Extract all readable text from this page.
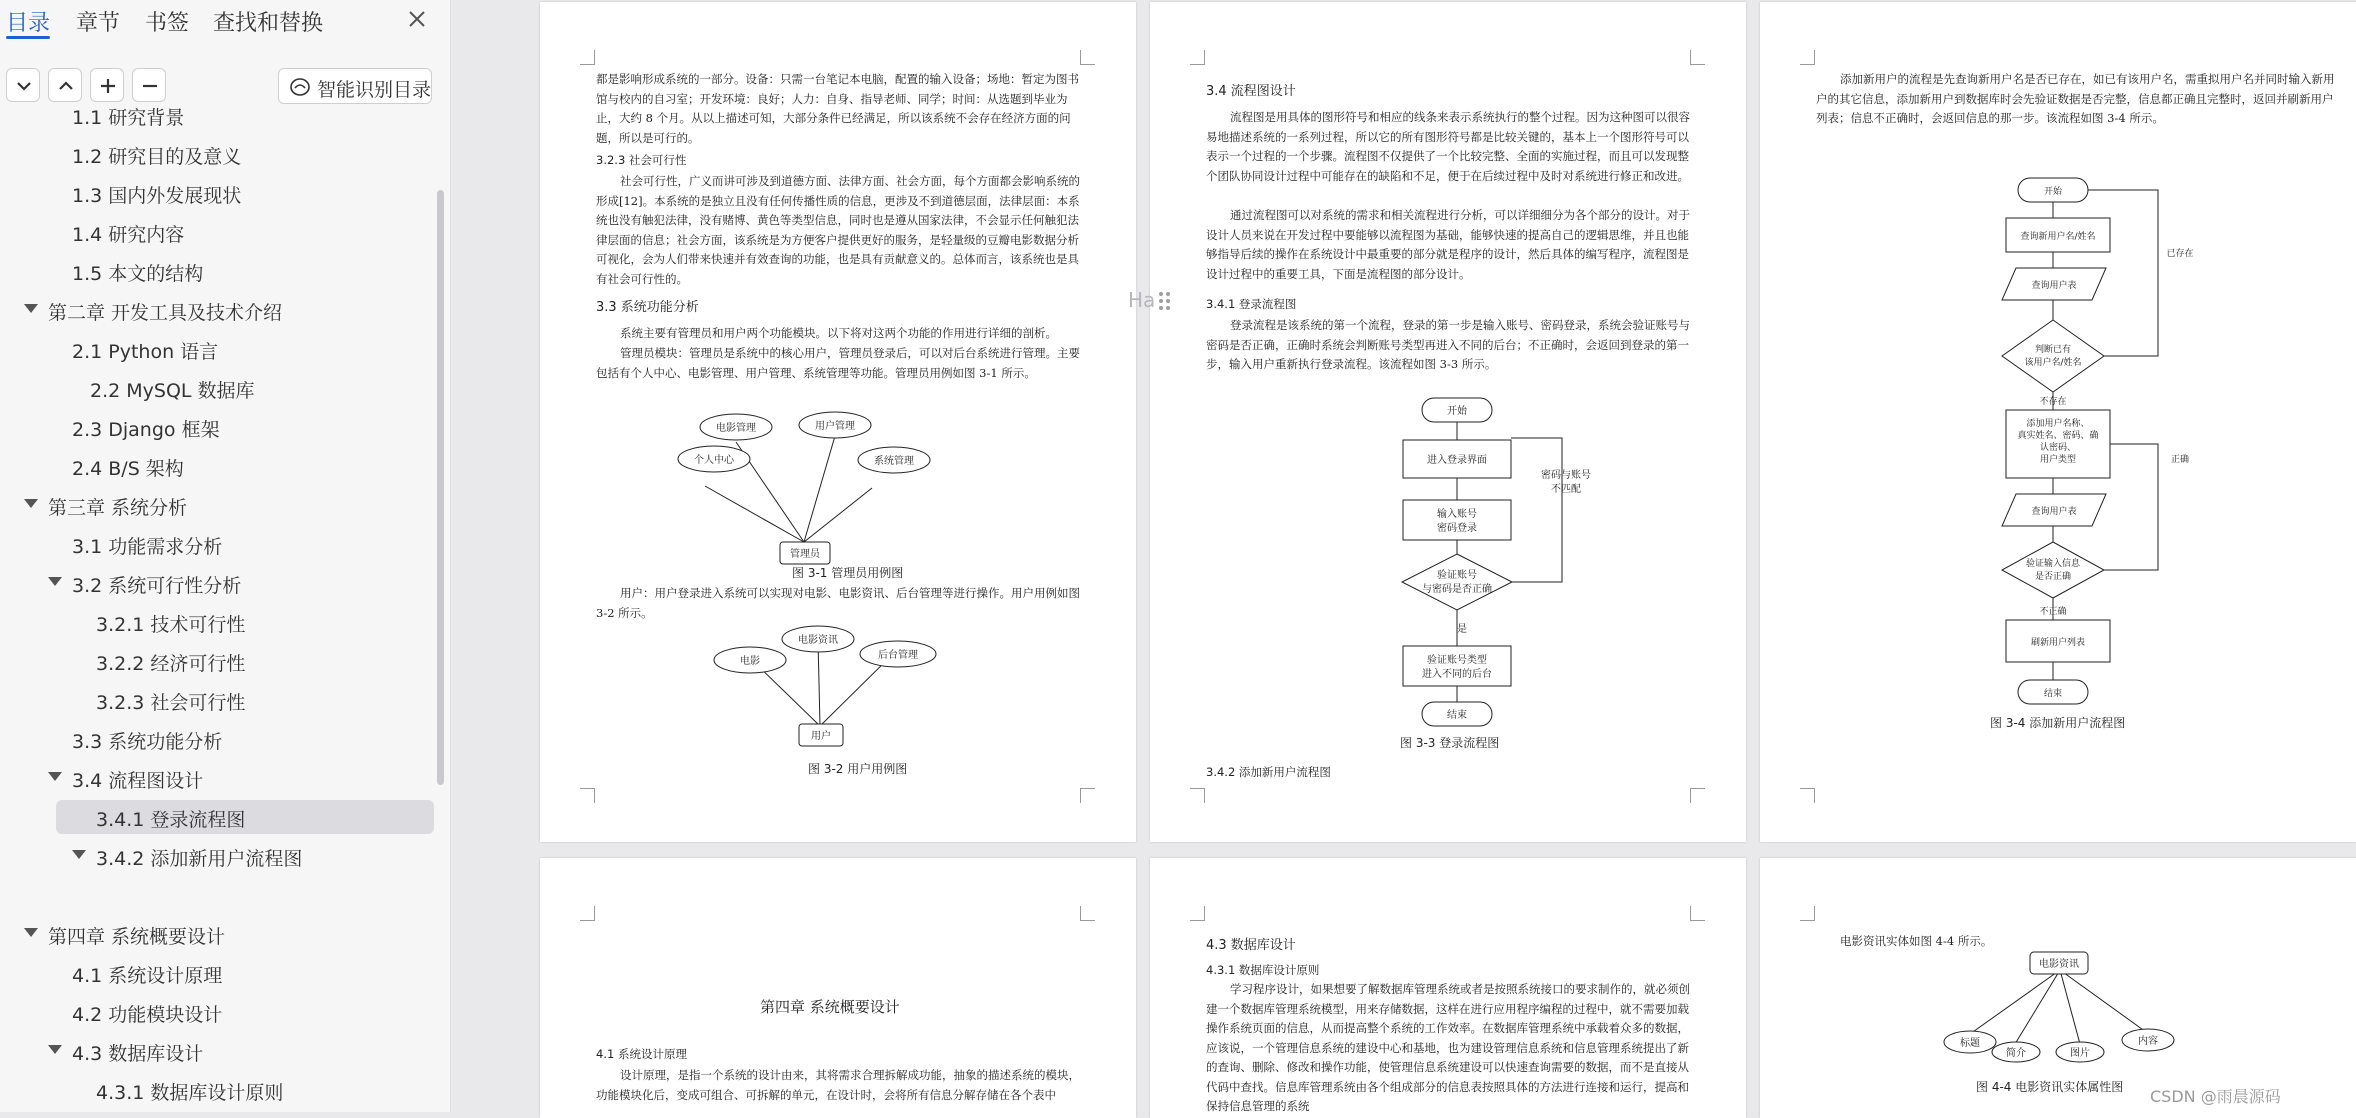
目录 章节 书签 查找和替换
智能识别目录
1.1 研究背景
1.2 研究目的及意义
1.3 国内外发展现状
1.4 研究内容
1.5 本文的结构
第二章 开发工具及技术介绍
2.1 Python 语言
2.2 MySQL 数据库
2.3 Django 框架
2.4 B/S 架构
第三章 系统分析
3.1 功能需求分析
3.2 系统可行性分析
3.2.1 技术可行性
3.2.2 经济可行性
3.2.3 社会可行性
3.3 系统功能分析
3.4 流程图设计
3.4.1 登录流程图
3.4.2 添加新用户流程图
第四章 系统概要设计
4.1 系统设计原理
4.2 功能模块设计
4.3 数据库设计
4.3.1 数据库设计原则
都是影响形成系统的一部分。设备：只需一台笔记本电脑，配置的输入设备；场地：暂定为图书馆与校内的自习室；开发环境：良好；人力：自身、指导老师、同学；时间：从选题到毕业为止，大约 8 个月。从以上描述可知，大部分条件已经满足，所以该系统不会存在经济方面的问题，所以是可行的。
3.2.3 社会可行性
社会可行性，广义而讲可涉及到道德方面、法律方面、社会方面，每个方面都会影响系统的形成[12]。本系统的是独立且没有任何传播性质的信息，更涉及不到道德层面，法律层面：本系统也没有触犯法律，没有赌博、黄色等类型信息，同时也是遵从国家法律，不会显示任何触犯法律层面的信息；社会方面，该系统是为方便客户提供更好的服务，是轻量级的豆瓣电影数据分析可视化，会为人们带来快速并有效查询的功能，也是具有贡献意义的。总体而言，该系统也是具有社会可行性的。
3.3 系统功能分析
系统主要有管理员和用户两个功能模块。以下将对这两个功能的作用进行详细的剖析。
管理员模块：管理员是系统中的核心用户，管理员登录后，可以对后台系统进行管理。主要包括有个人中心、电影管理、用户管理、系统管理等功能。管理员用例如图 3-1 所示。
电影管理	用户管理
个人中心	系统管理
管理员
图 3-1 管理员用例图
用户：用户登录进入系统可以实现对电影、电影资讯、后台管理等进行操作。用户用例如图 3-2 所示。
电影资讯
电影
后台管理
用户
图 3-2 用户用例图
3.4 流程图设计
流程图是用具体的图形符号和相应的线条来表示系统执行的整个过程。因为这种图可以很容易地描述系统的一系列过程，所以它的所有图形符号都是比较关键的，基本上一个图形符号可以表示一个过程的一个步骤。流程图不仅提供了一个比较完整、全面的实施过程，而且可以发现整个团队协同设计过程中可能存在的缺陷和不足，便于在后续过程中及时对系统进行修正和改进。
通过流程图可以对系统的需求和相关流程进行分析，可以详细细分为各个部分的设计。对于设计人员来说在开发过程中要能够以流程图为基础，能够快速的提高自己的逻辑思维，并且也能够指导后续的操作在系统设计中最重要的部分就是程序的设计，然后具体的编写程序，流程图是设计过程中的重要工具，下面是流程图的部分设计。
3.4.1 登录流程图
登录流程是该系统的第一个流程，登录的第一步是输入账号、密码登录，系统会验证账号与密码是否正确，正确时系统会判断账号类型再进入不同的后台；不正确时，会返回到登录的第一步，输入用户重新执行登录流程。该流程如图 3-3 所示。
开始
进入登录界面
输入账号
密码登录
验证账号
与密码是否正确
是
密码与账号
不匹配
验证账号类型
进入不同的后台
结束
图 3-3 登录流程图
3.4.2 添加新用户流程图
添加新用户的流程是先查询新用户名是否已存在，如已有该用户名，需重拟用户名并同时输入新用户的其它信息，添加新用户到数据库时会先验证数据是否完整，信息都正确且完整时，返回并刷新用户列表；信息不正确时，会返回信息的那一步。该流程如图 3-4 所示。
开始
查询新用户名/姓名
查询用户表
判断已有
该用户名/姓名
已存在
不存在
添加用户名称、
真实姓名、密码、确
认密码、
用户类型
查询用户表
验证输入信息
是否正确
正确
不正确
刷新用户列表
结束
图 3-4 添加新用户流程图
第四章 系统概要设计
4.1 系统设计原理
设计原理，是指一个系统的设计由来，其将需求合理拆解成功能，抽象的描述系统的模块，功能模块化后，变成可组合、可拆解的单元，在设计时，会将所有信息分解存储在各个表中
4.3 数据库设计
4.3.1 数据库设计原则
学习程序设计，如果想要了解数据库管理系统或者是按照系统接口的要求制作的，就必须创建一个数据库管理系统模型，用来存储数据，这样在进行应用程序编程的过程中，就不需要加载操作系统页面的信息，从而提高整个系统的工作效率。在数据库管理系统中承载着众多的数据，应该说，一个管理信息系统的建设中心和基地，也为建设管理信息系统和信息管理系统提出了新的查询、删除、修改和操作功能，使管理信息系统建设可以快速查询需要的数据，而不是直接从代码中查找。信息库管理系统由各个组成部分的信息表按照具体的方法进行连接和运行，提高和保持信息管理的系统
电影资讯实体如图 4-4 所示。
电影资讯
标题
简介	图片
内容
图 4-4 电影资讯实体属性图
Ha
CSDN @雨晨源码
